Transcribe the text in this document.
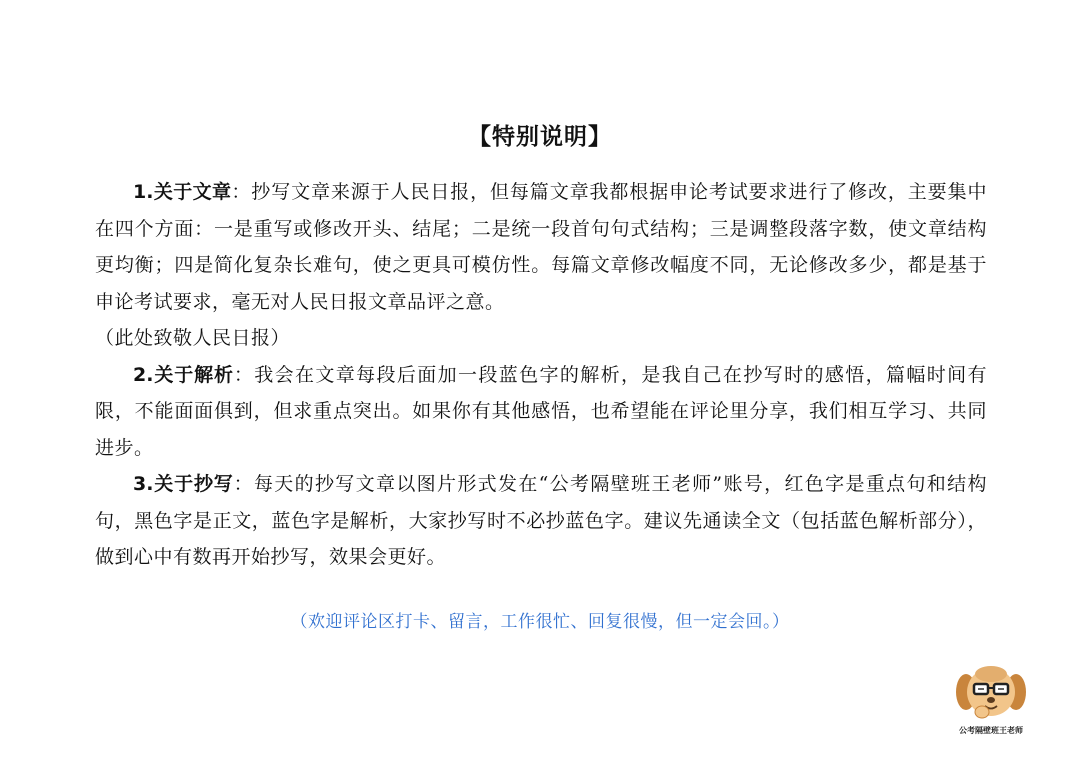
【特别说明】

1.关于文章：抄写文章来源于人民日报，但每篇文章我都根据申论考试要求进行了修改，主要集中在四个方面：一是重写或修改开头、结尾；二是统一段首句句式结构；三是调整段落字数，使文章结构更均衡；四是简化复杂长难句，使之更具可模仿性。每篇文章修改幅度不同，无论修改多少，都是基于申论考试要求，毫无对人民日报文章品评之意。

（此处致敬人民日报）

2.关于解析：我会在文章每段后面加一段蓝色字的解析，是我自己在抄写时的感悟，篇幅时间有限，不能面面俱到，但求重点突出。如果你有其他感悟，也希望能在评论里分享，我们相互学习、共同进步。

3.关于抄写：每天的抄写文章以图片形式发在“公考隔壁班王老师”账号，红色字是重点句和结构句，黑色字是正文，蓝色字是解析，大家抄写时不必抄蓝色字。建议先通读全文（包括蓝色解析部分），做到心中有数再开始抄写，效果会更好。

（欢迎评论区打卡、留言，工作很忙、回复很慢，但一定会回。）
公考隔壁班王老师
